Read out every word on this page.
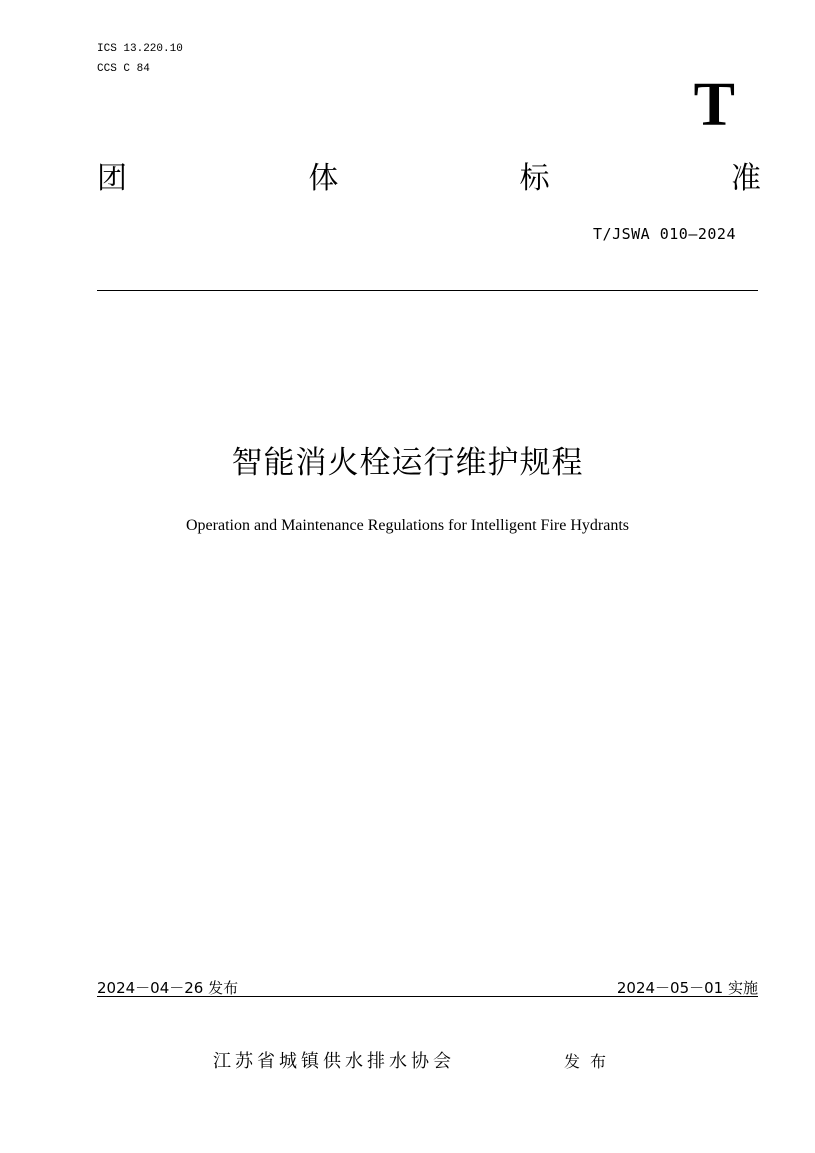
ICS 13.220.10
CCS C 84
T
团	体	标	准
T/JSWA 010—2024
智能消火栓运行维护规程
Operation and Maintenance Regulations for Intelligent Fire Hydrants
2024－04－26 发布	2024－05－01 实施
江苏省城镇供水排水协会	发布
